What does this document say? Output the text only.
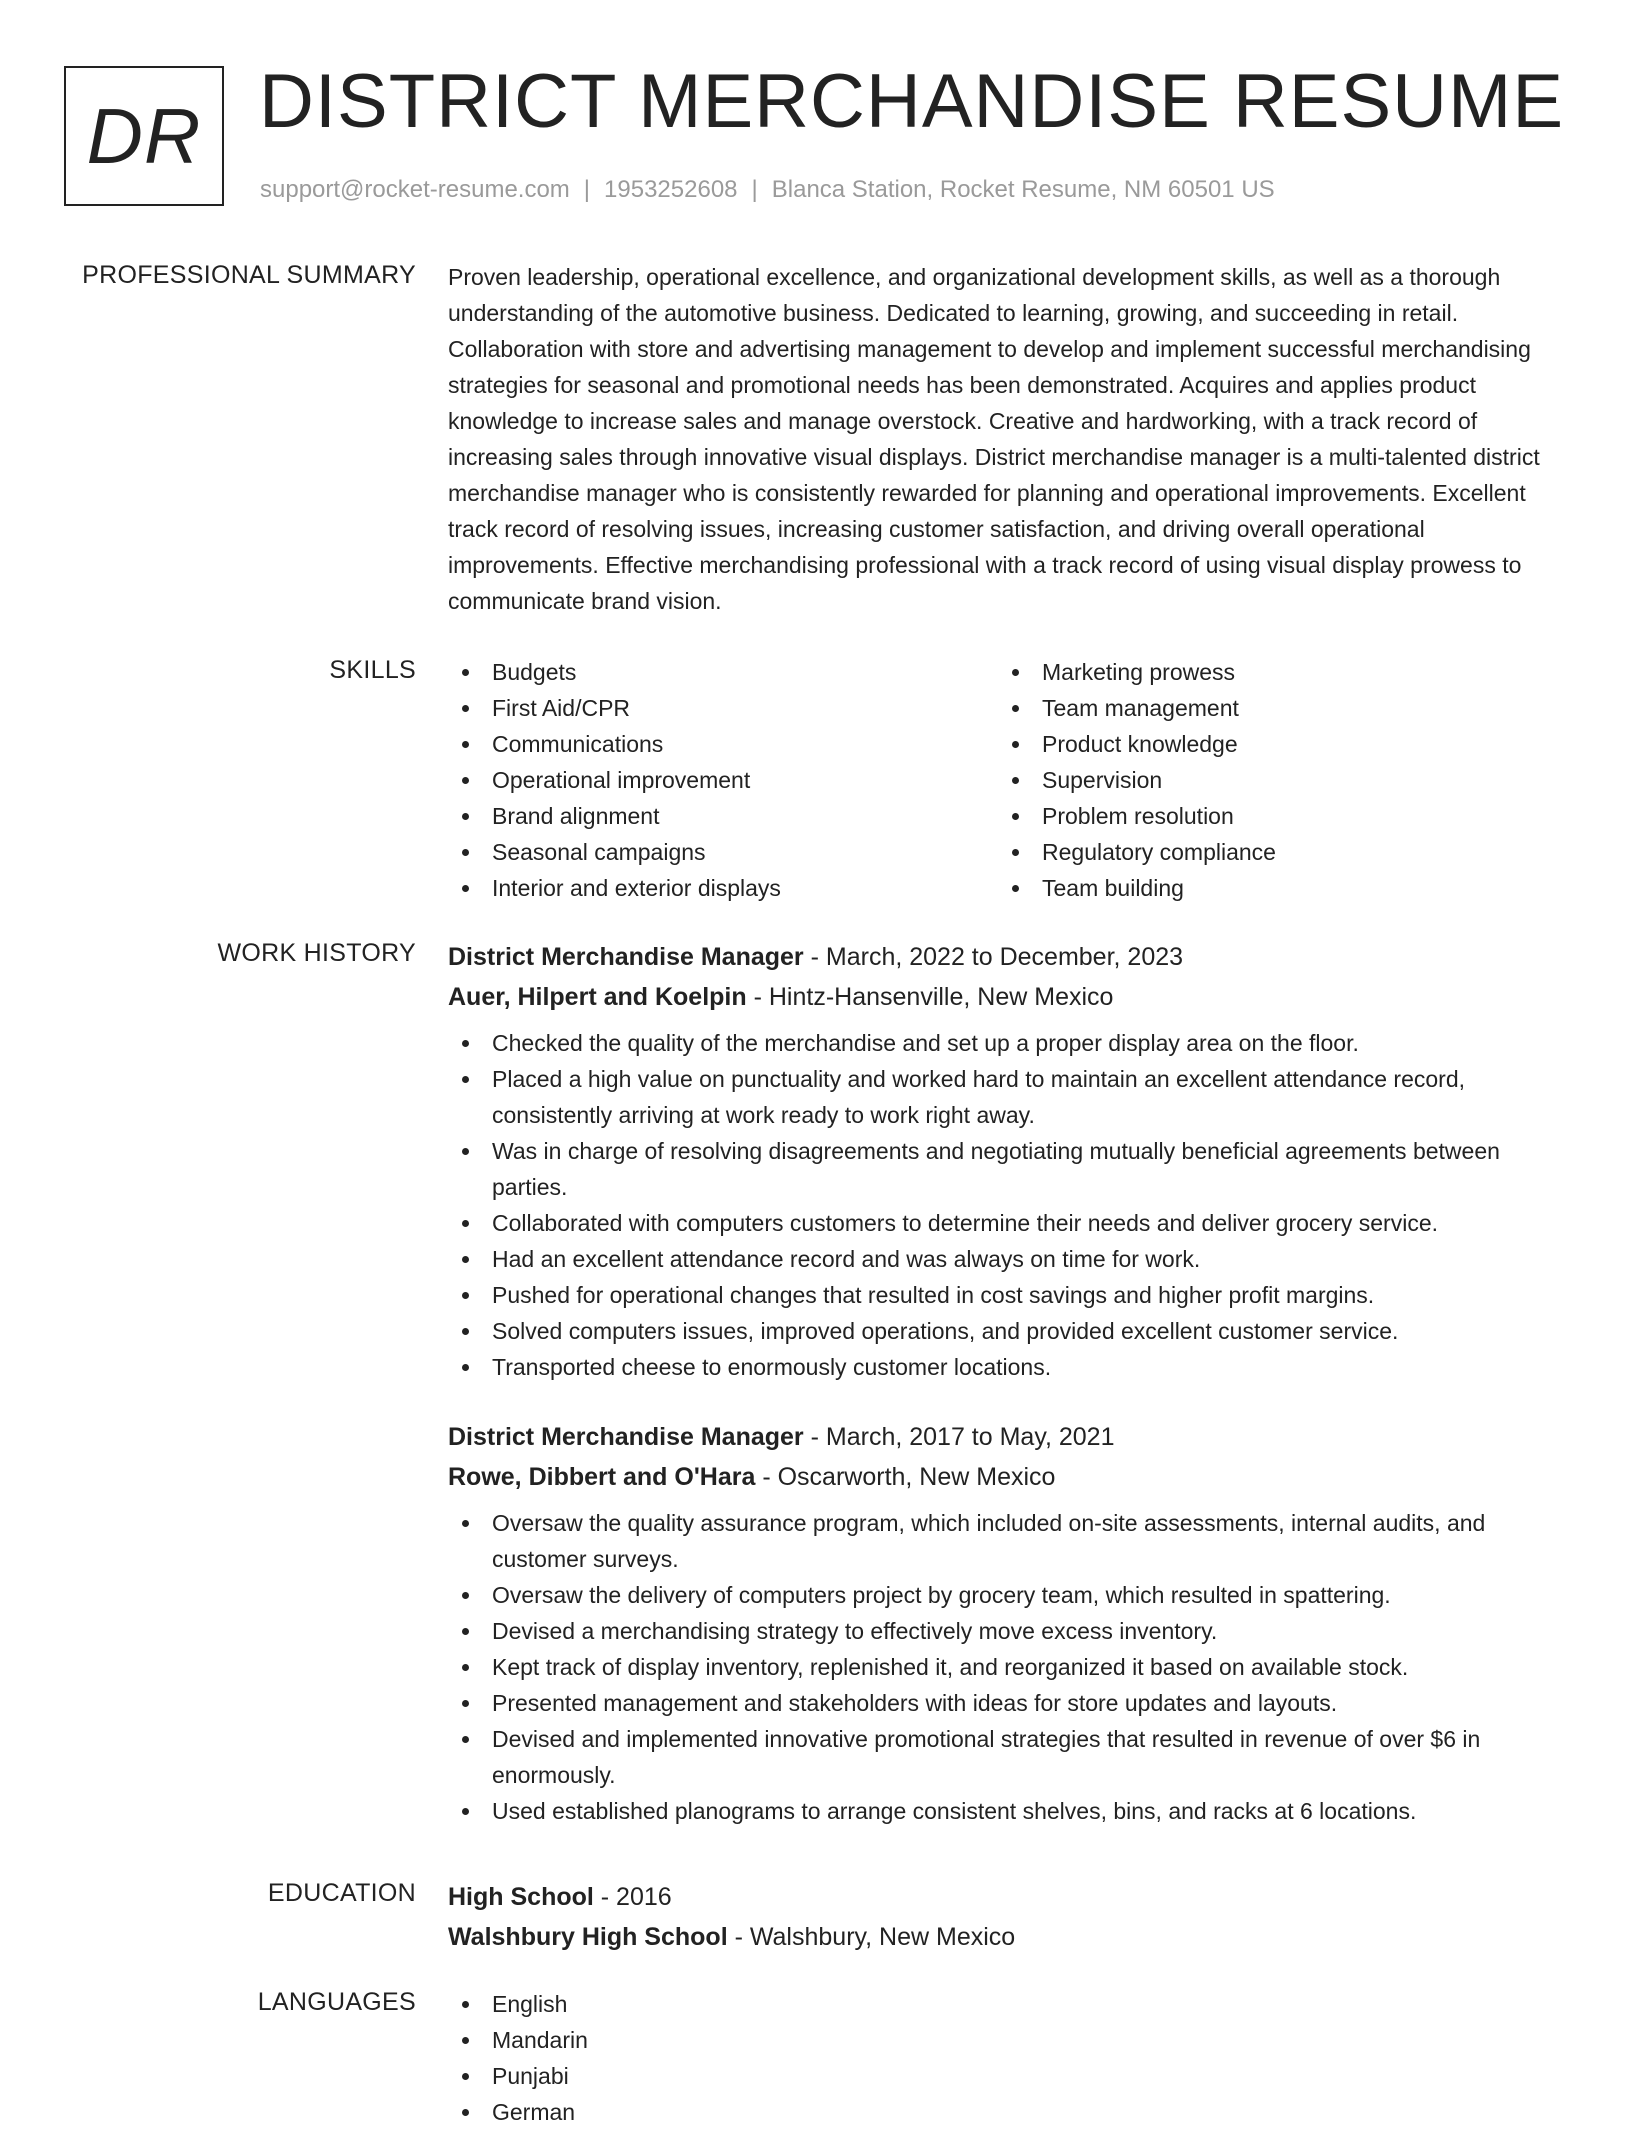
DR DISTRICT MERCHANDISE RESUME
support@rocket-resume.com | 1953252608 | Blanca Station, Rocket Resume, NM 60501 US
PROFESSIONAL SUMMARY Proven leadership, operational excellence, and organizational development skills, as well as a thorough understanding of the automotive business. Dedicated to learning, growing, and succeeding in retail. Collaboration with store and advertising management to develop and implement successful merchandising strategies for seasonal and promotional needs has been demonstrated. Acquires and applies product knowledge to increase sales and manage overstock. Creative and hardworking, with a track record of increasing sales through innovative visual displays. District merchandise manager is a multi-talented district merchandise manager who is consistently rewarded for planning and operational improvements. Excellent track record of resolving issues, increasing customer satisfaction, and driving overall operational improvements. Effective merchandising professional with a track record of using visual display prowess to communicate brand vision.

SKILLS	Budgets
First Aid/CPR
Communications
Operational improvement
Brand alignment
Seasonal campaigns
Interior and exterior displays
Marketing prowess
Team management
Product knowledge
Supervision
Problem resolution
Regulatory compliance
Team building
WORK HISTORY District Merchandise Manager - March, 2022 to December, 2023
Auer, Hilpert and Koelpin - Hintz-Hansenville, New Mexico
Checked the quality of the merchandise and set up a proper display area on the floor.
Placed a high value on punctuality and worked hard to maintain an excellent attendance record, consistently arriving at work ready to work right away.
Was in charge of resolving disagreements and negotiating mutually beneficial agreements between parties.
Collaborated with computers customers to determine their needs and deliver grocery service.
Had an excellent attendance record and was always on time for work.
Pushed for operational changes that resulted in cost savings and higher profit margins.
Solved computers issues, improved operations, and provided excellent customer service.
Transported cheese to enormously customer locations.
District Merchandise Manager - March, 2017 to May, 2021
Rowe, Dibbert and O'Hara - Oscarworth, New Mexico
Oversaw the quality assurance program, which included on-site assessments, internal audits, and customer surveys.
Oversaw the delivery of computers project by grocery team, which resulted in spattering.
Devised a merchandising strategy to effectively move excess inventory.
Kept track of display inventory, replenished it, and reorganized it based on available stock.
Presented management and stakeholders with ideas for store updates and layouts.
Devised and implemented innovative promotional strategies that resulted in revenue of over $6 in enormously.
Used established planograms to arrange consistent shelves, bins, and racks at 6 locations.
EDUCATION High School - 2016
Walshbury High School - Walshbury, New Mexico
LANGUAGES	English
Mandarin
Punjabi
German
